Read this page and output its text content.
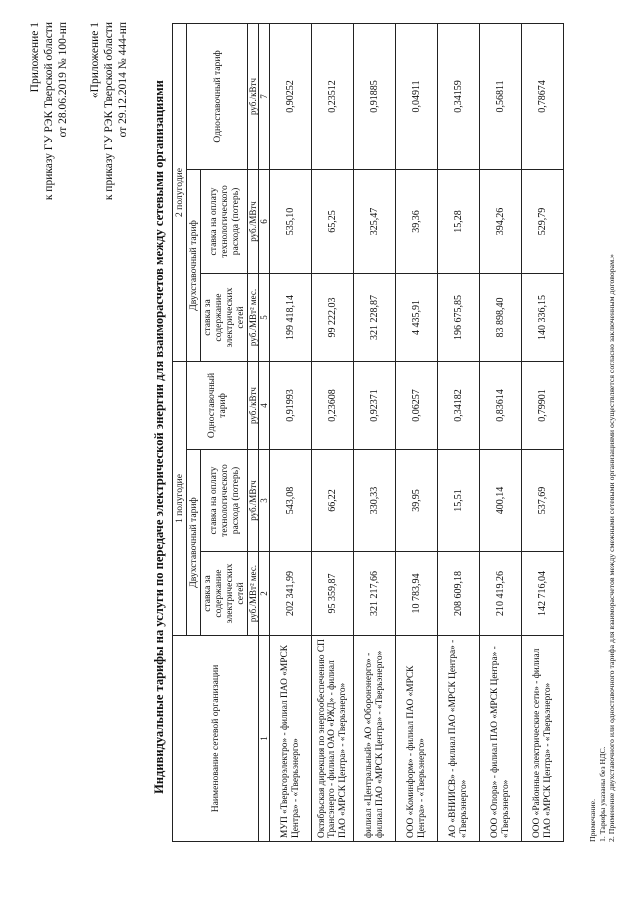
Приложение 1 к приказу ГУ РЭК Тверской области от 28.06.2019 № 100-нп «Приложение 1 к приказу ГУ РЭК Тверской области от 29.12.2014 № 444-нп
Индивидуальные тарифы на услуги по передаче электрической энергии для взаиморасчетов между сетевыми организациями	Наименование сетевой организации	1 полугодие			2 полугодие		
	Двухставочный тариф		Одноставочный тариф	Двухставочный тариф		Одноставочный тариф
	ставка за содержание электрических сетей	ставка на оплату технологического расхода (потерь)		ставка за содержание электрических сетей	ставка на оплату технологического расхода (потерь)	
	руб./МВт² мес.	руб./МВтч	руб./кВтч	руб./МВт² мес.	руб./МВтч	руб./кВтч
1	2	3	4	5	6	7
МУП «Тверьгорэлектро» - филиал ПАО «МРСК Центра» - «Тверьэнерго»	202 341,99	543,08	0,91993	199 418,14	535,10	0,90252
Октябрьская дирекция по энергообеспечению СП Трансэнерго - филиал ОАО «РЖД» - филиал ПАО «МРСК Центра» - «Тверьэнерго»	95 359,87	66,22	0,23608	99 222,03	65,25	0,23512
филиал «Центральный» АО «Оборонэнерго» - филиал ПАО «МРСК Центра» - «Тверьэнерго»	321 217,66	330,33	0,92371	321 228,87	325,47	0,91885
ООО «Коминформ» - филиал ПАО «МРСК Центра» - «Тверьэнерго»	10 783,94	39,95	0,06257	4 435,91	39,36	0,04911
АО «ВНИИСВ» - филиал ПАО «МРСК Центра» - «Тверьэнерго»	208 609,18	15,51	0,34182	196 675,85	15,28	0,34159
ООО «Опора» - филиал ПАО «МРСК Центра» - «Тверьэнерго»	210 419,26	400,14	0,83614	83 898,40	394,26	0,56811
ООО «Районные электрические сети» - филиал ПАО «МРСК Центра» - «Тверьэнерго»	142 716,04	537,69	0,79901	140 336,15	529,79	0,78674
Примечание. 1. Тарифы указаны без НДС. 2. Применение двухставочного или одноставочного тарифа для взаиморасчетов между смежными сетевыми организациями осуществляется согласно заключенным договорам.»
